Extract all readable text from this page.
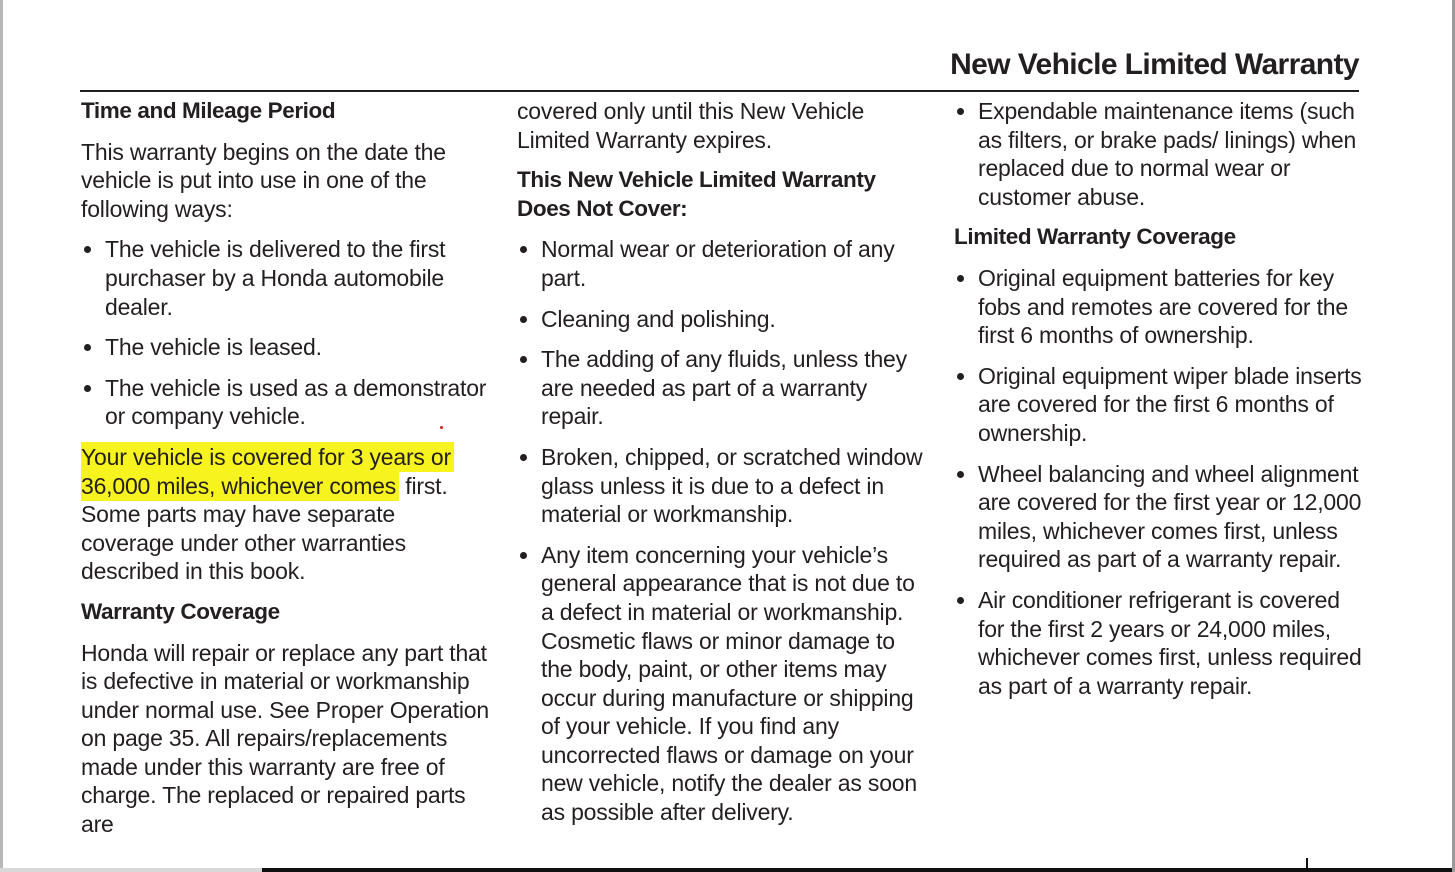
New Vehicle Limited Warranty
Time and Mileage Period

This warranty begins on the date the vehicle is put into use in one of the following ways:

The vehicle is delivered to the first purchaser by a Honda automobile dealer.
The vehicle is leased.
The vehicle is used as a demonstrator or company vehicle.

Your vehicle is covered for 3 years or 36,000 miles, whichever comes first. Some parts may have separate coverage under other warranties described in this book.

Warranty Coverage

Honda will repair or replace any part that is defective in material or workmanship under normal use. See Proper Operation on page 35. All repairs/replacements made under this warranty are free of charge. The replaced or repaired parts are

covered only until this New Vehicle Limited Warranty expires.

This New Vehicle Limited Warranty Does Not Cover:
Normal wear or deterioration of any part.
Cleaning and polishing.
The adding of any fluids, unless they are needed as part of a warranty repair.
Broken, chipped, or scratched window glass unless it is due to a defect in material or workmanship.
Any item concerning your vehicle’s general appearance that is not due to a defect in material or workmanship. Cosmetic flaws or minor damage to the body, paint, or other items may occur during manufacture or shipping of your vehicle. If you find any uncorrected flaws or damage on your new vehicle, notify the dealer as soon as possible after delivery.
Expendable maintenance items (such as filters, or brake pads/ linings) when replaced due to normal wear or customer abuse.
Limited Warranty Coverage
Original equipment batteries for key fobs and remotes are covered for the first 6 months of ownership.
Original equipment wiper blade inserts are covered for the first 6 months of ownership.
Wheel balancing and wheel alignment are covered for the first year or 12,000 miles, whichever comes first, unless required as part of a warranty repair.
Air conditioner refrigerant is covered for the first 2 years or 24,000 miles, whichever comes first, unless required as part of a warranty repair.
